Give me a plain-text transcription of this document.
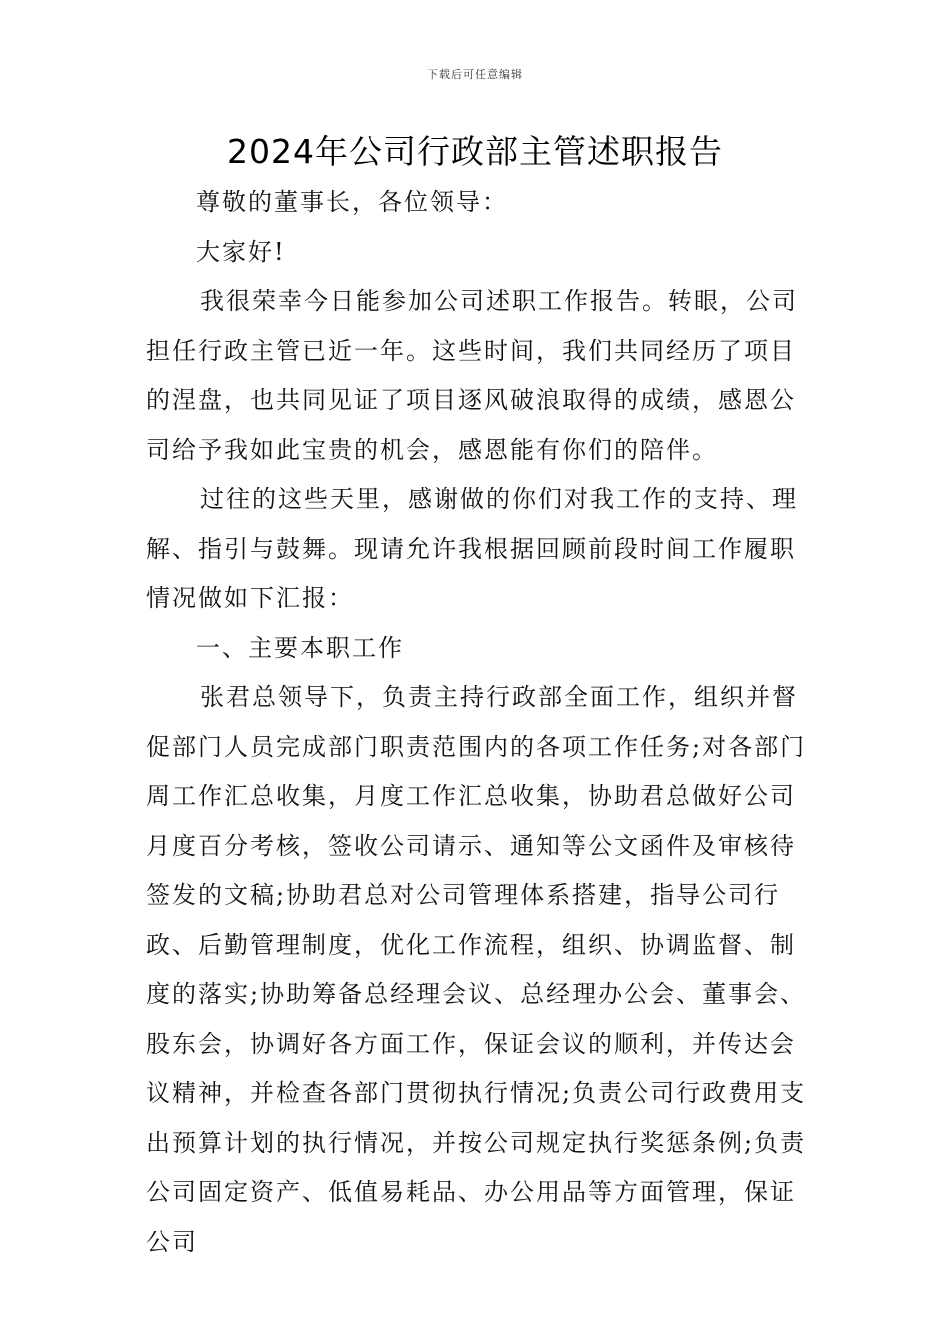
下载后可任意编辑
2024年公司行政部主管述职报告

尊敬的董事长，各位领导：

大家好!

我很荣幸今日能参加公司述职工作报告。转眼，公司担任行政主管已近一年。这些时间，我们共同经历了项目的涅盘，也共同见证了项目逐风破浪取得的成绩，感恩公司给予我如此宝贵的机会，感恩能有你们的陪伴。

过往的这些天里，感谢做的你们对我工作的支持、理解、指引与鼓舞。现请允许我根据回顾前段时间工作履职情况做如下汇报：

一、主要本职工作

张君总领导下，负责主持行政部全面工作，组织并督促部门人员完成部门职责范围内的各项工作任务;对各部门周工作汇总收集，月度工作汇总收集，协助君总做好公司月度百分考核，签收公司请示、通知等公文函件及审核待签发的文稿;协助君总对公司管理体系搭建，指导公司行政、后勤管理制度，优化工作流程，组织、协调监督、制度的落实;协助筹备总经理会议、总经理办公会、董事会、股东会，协调好各方面工作，保证会议的顺利，并传达会议精神，并检查各部门贯彻执行情况;负责公司行政费用支出预算计划的执行情况，并按公司规定执行奖惩条例;负责公司固定资产、低值易耗品、办公用品等方面管理，保证公司
